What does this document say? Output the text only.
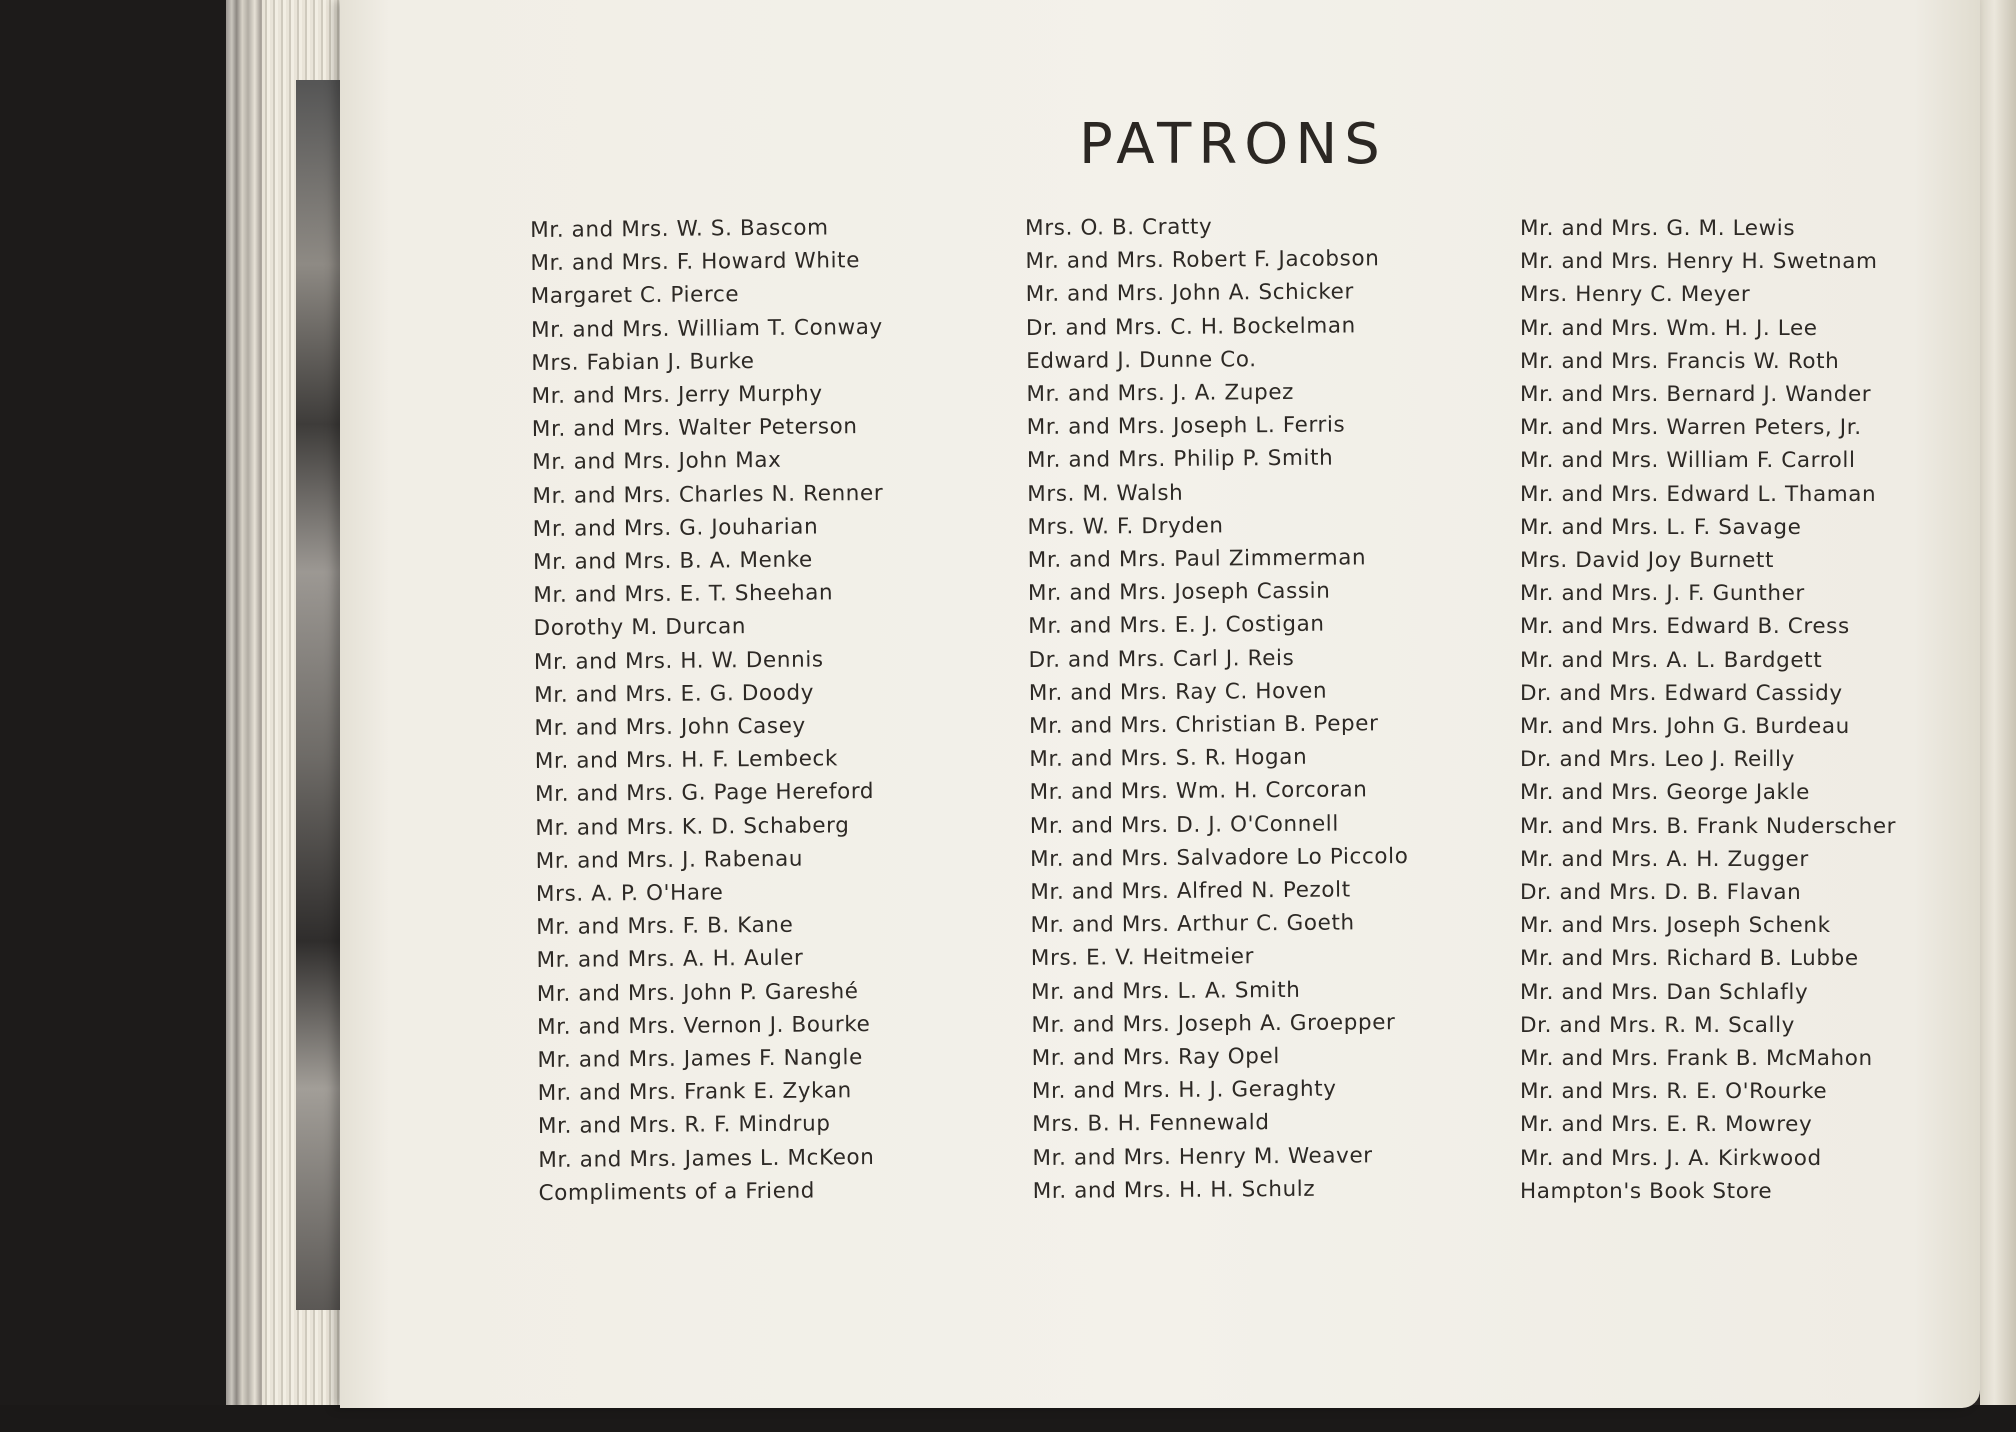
PATRONS
Mr. and Mrs. W. S. Bascom
Mr. and Mrs. F. Howard White
Margaret C. Pierce
Mr. and Mrs. William T. Conway
Mrs. Fabian J. Burke
Mr. and Mrs. Jerry Murphy
Mr. and Mrs. Walter Peterson
Mr. and Mrs. John Max
Mr. and Mrs. Charles N. Renner
Mr. and Mrs. G. Jouharian
Mr. and Mrs. B. A. Menke
Mr. and Mrs. E. T. Sheehan
Dorothy M. Durcan
Mr. and Mrs. H. W. Dennis
Mr. and Mrs. E. G. Doody
Mr. and Mrs. John Casey
Mr. and Mrs. H. F. Lembeck
Mr. and Mrs. G. Page Hereford
Mr. and Mrs. K. D. Schaberg
Mr. and Mrs. J. Rabenau
Mrs. A. P. O'Hare
Mr. and Mrs. F. B. Kane
Mr. and Mrs. A. H. Auler
Mr. and Mrs. John P. Gareshé
Mr. and Mrs. Vernon J. Bourke
Mr. and Mrs. James F. Nangle
Mr. and Mrs. Frank E. Zykan
Mr. and Mrs. R. F. Mindrup
Mr. and Mrs. James L. McKeon
Compliments of a Friend
Mrs. O. B. Cratty
Mr. and Mrs. Robert F. Jacobson
Mr. and Mrs. John A. Schicker
Dr. and Mrs. C. H. Bockelman
Edward J. Dunne Co.
Mr. and Mrs. J. A. Zupez
Mr. and Mrs. Joseph L. Ferris
Mr. and Mrs. Philip P. Smith
Mrs. M. Walsh
Mrs. W. F. Dryden
Mr. and Mrs. Paul Zimmerman
Mr. and Mrs. Joseph Cassin
Mr. and Mrs. E. J. Costigan
Dr. and Mrs. Carl J. Reis
Mr. and Mrs. Ray C. Hoven
Mr. and Mrs. Christian B. Peper
Mr. and Mrs. S. R. Hogan
Mr. and Mrs. Wm. H. Corcoran
Mr. and Mrs. D. J. O'Connell
Mr. and Mrs. Salvadore Lo Piccolo
Mr. and Mrs. Alfred N. Pezolt
Mr. and Mrs. Arthur C. Goeth
Mrs. E. V. Heitmeier
Mr. and Mrs. L. A. Smith
Mr. and Mrs. Joseph A. Groepper
Mr. and Mrs. Ray Opel
Mr. and Mrs. H. J. Geraghty
Mrs. B. H. Fennewald
Mr. and Mrs. Henry M. Weaver
Mr. and Mrs. H. H. Schulz
Mr. and Mrs. G. M. Lewis
Mr. and Mrs. Henry H. Swetnam
Mrs. Henry C. Meyer
Mr. and Mrs. Wm. H. J. Lee
Mr. and Mrs. Francis W. Roth
Mr. and Mrs. Bernard J. Wander
Mr. and Mrs. Warren Peters, Jr.
Mr. and Mrs. William F. Carroll
Mr. and Mrs. Edward L. Thaman
Mr. and Mrs. L. F. Savage
Mrs. David Joy Burnett
Mr. and Mrs. J. F. Gunther
Mr. and Mrs. Edward B. Cress
Mr. and Mrs. A. L. Bardgett
Dr. and Mrs. Edward Cassidy
Mr. and Mrs. John G. Burdeau
Dr. and Mrs. Leo J. Reilly
Mr. and Mrs. George Jakle
Mr. and Mrs. B. Frank Nuderscher
Mr. and Mrs. A. H. Zugger
Dr. and Mrs. D. B. Flavan
Mr. and Mrs. Joseph Schenk
Mr. and Mrs. Richard B. Lubbe
Mr. and Mrs. Dan Schlafly
Dr. and Mrs. R. M. Scally
Mr. and Mrs. Frank B. McMahon
Mr. and Mrs. R. E. O'Rourke
Mr. and Mrs. E. R. Mowrey
Mr. and Mrs. J. A. Kirkwood
Hampton's Book Store
